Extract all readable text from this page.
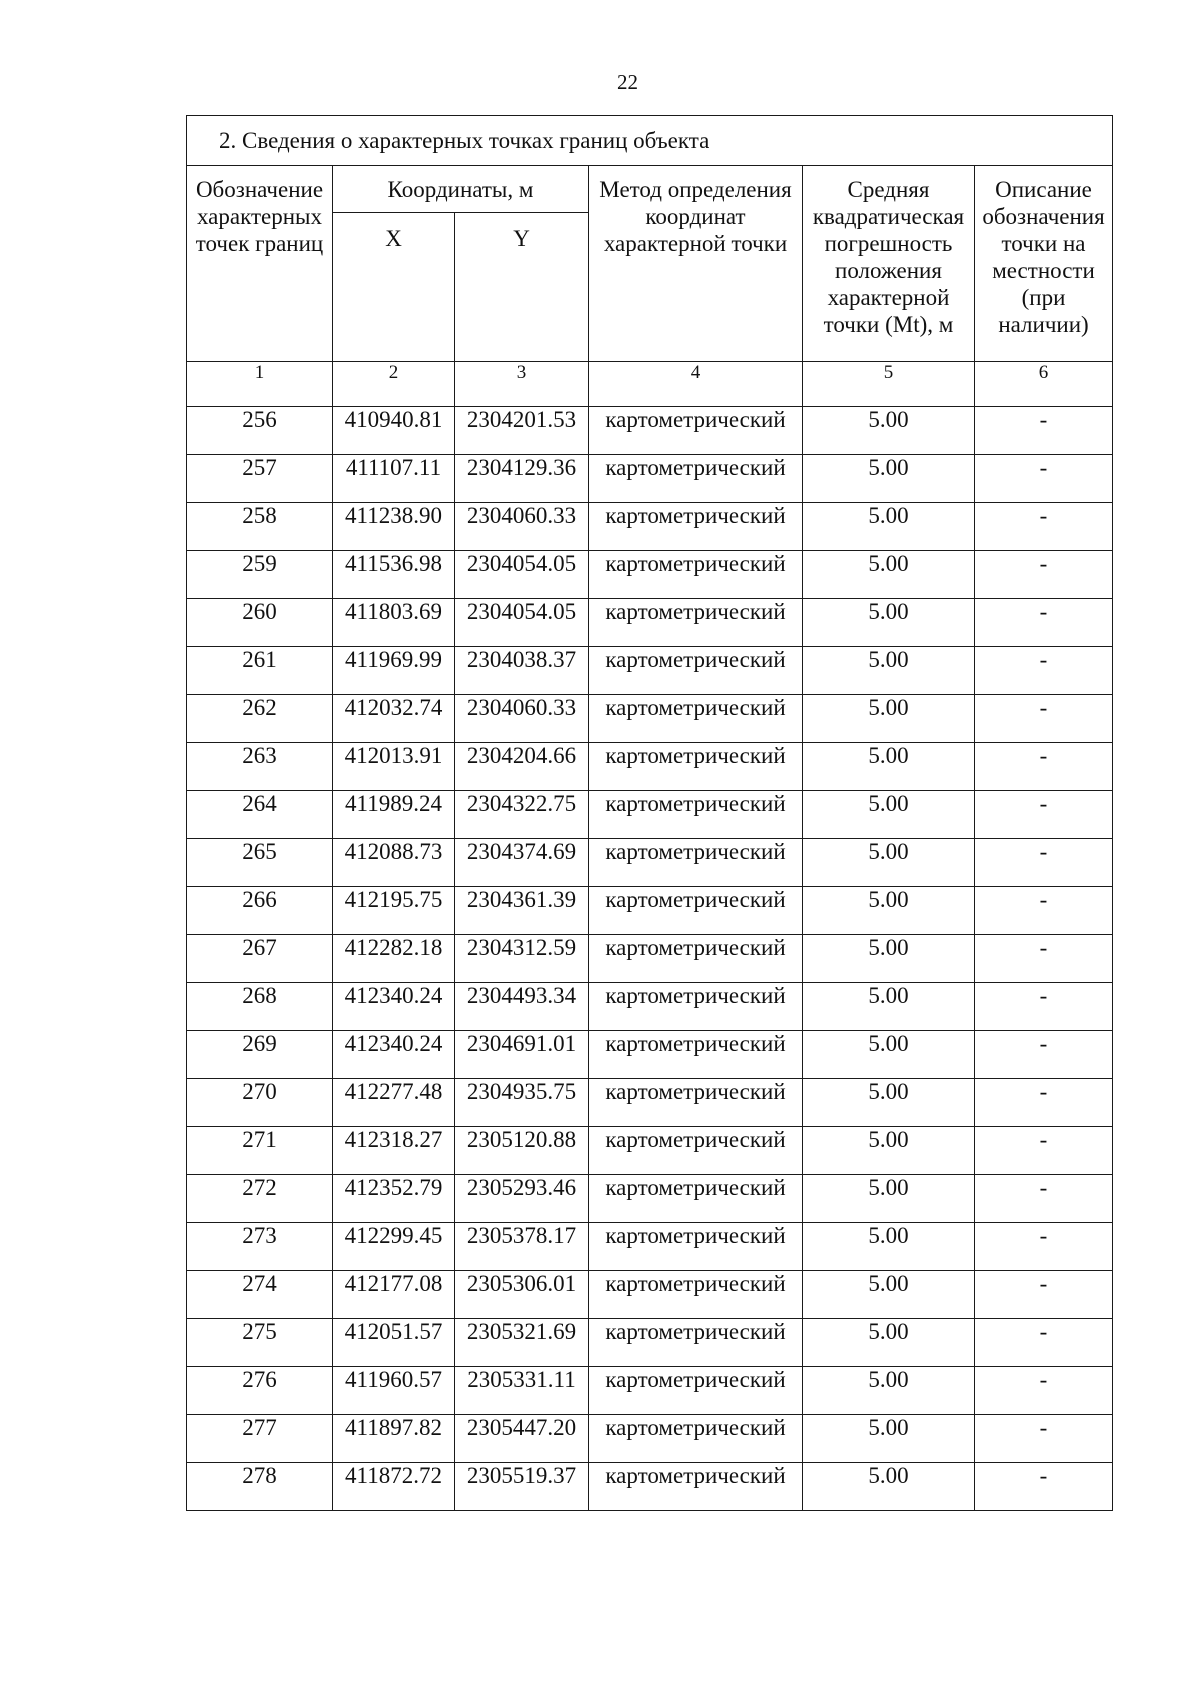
22
2. Сведения о характерных точках границ объекта					
Обозначение характерных точек границ	Координаты, м		Метод определения координат характерной точки	Средняя квадратическая погрешность положения характерной точки (Mt), м	Описание обозначения точки на местности (при наличии)
	X	Y			
1	2	3	4	5	6
256	410940.81	2304201.53	картометрический	5.00	-
257	411107.11	2304129.36	картометрический	5.00	-
258	411238.90	2304060.33	картометрический	5.00	-
259	411536.98	2304054.05	картометрический	5.00	-
260	411803.69	2304054.05	картометрический	5.00	-
261	411969.99	2304038.37	картометрический	5.00	-
262	412032.74	2304060.33	картометрический	5.00	-
263	412013.91	2304204.66	картометрический	5.00	-
264	411989.24	2304322.75	картометрический	5.00	-
265	412088.73	2304374.69	картометрический	5.00	-
266	412195.75	2304361.39	картометрический	5.00	-
267	412282.18	2304312.59	картометрический	5.00	-
268	412340.24	2304493.34	картометрический	5.00	-
269	412340.24	2304691.01	картометрический	5.00	-
270	412277.48	2304935.75	картометрический	5.00	-
271	412318.27	2305120.88	картометрический	5.00	-
272	412352.79	2305293.46	картометрический	5.00	-
273	412299.45	2305378.17	картометрический	5.00	-
274	412177.08	2305306.01	картометрический	5.00	-
275	412051.57	2305321.69	картометрический	5.00	-
276	411960.57	2305331.11	картометрический	5.00	-
277	411897.82	2305447.20	картометрический	5.00	-
278	411872.72	2305519.37	картометрический	5.00	-
